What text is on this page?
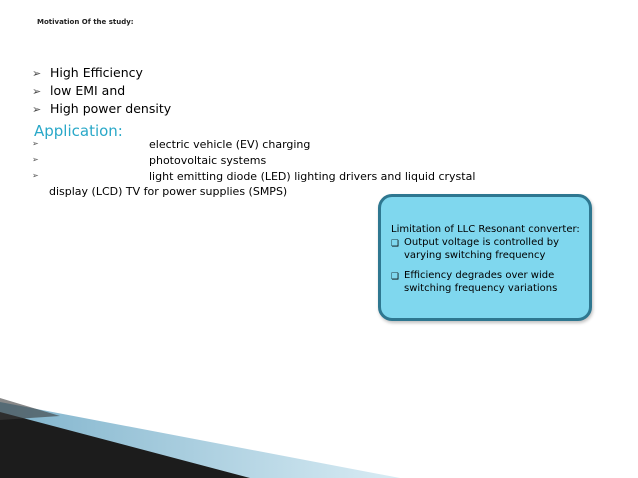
Motivation Of the study:
➢ High Efficiency
➢ low EMI and
➢ High power density
Application:
➢	electric vehicle (EV) charging
➢	photovoltaic systems
➢	light emitting diode (LED) lighting drivers and liquid crystal
display (LCD) TV for power supplies (SMPS)
Limitation of LLC Resonant converter:
❏ Output voltage is controlled by varying switching frequency
❏ Efficiency degrades over wide switching frequency variations
